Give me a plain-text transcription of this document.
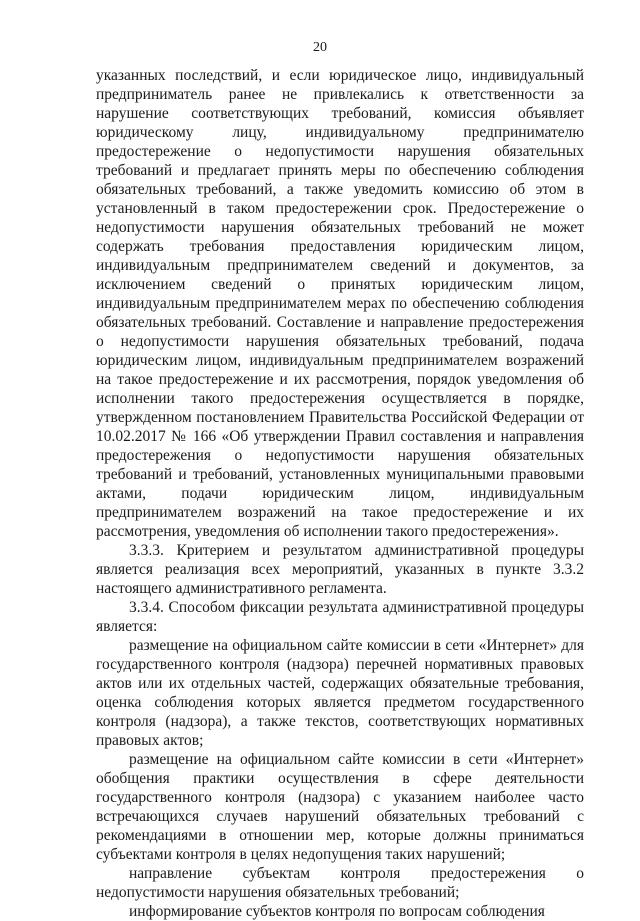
20

указанных последствий, и если юридическое лицо, индивидуальный предприниматель ранее не привлекались к ответственности за нарушение соответствующих требований, комиссия объявляет юридическому лицу, индивидуальному предпринимателю предостережение о недопустимости нарушения обязательных требований и предлагает принять меры по обеспечению соблюдения обязательных требований, а также уведомить комиссию об этом в установленный в таком предостережении срок. Предостережение о недопустимости нарушения обязательных требований не может содержать требования предоставления юридическим лицом, индивидуальным предпринимателем сведений и документов, за исключением сведений о принятых юридическим лицом, индивидуальным предпринимателем мерах по обеспечению соблюдения обязательных требований. Составление и направление предостережения о недопустимости нарушения обязательных требований, подача юридическим лицом, индивидуальным предпринимателем возражений на такое предостережение и их рассмотрения, порядок уведомления об исполнении такого предостережения осуществляется в порядке, утвержденном постановлением Правительства Российской Федерации от 10.02.2017 № 166 «Об утверждении Правил составления и направления предостережения о недопустимости нарушения обязательных требований и требований, установленных муниципальными правовыми актами, подачи юридическим лицом, индивидуальным предпринимателем возражений на такое предостережение и их рассмотрения, уведомления об исполнении такого предостережения».

3.3.3. Критерием и результатом административной процедуры является реализация всех мероприятий, указанных в пункте 3.3.2 настоящего административного регламента.

3.3.4. Способом фиксации результата административной процедуры является:

размещение на официальном сайте комиссии в сети «Интернет» для государственного контроля (надзора) перечней нормативных правовых актов или их отдельных частей, содержащих обязательные требования, оценка соблюдения которых является предметом государственного контроля (надзора), а также текстов, соответствующих нормативных правовых актов;

размещение на официальном сайте комиссии в сети «Интернет» обобщения практики осуществления в сфере деятельности государственного контроля (надзора) с указанием наиболее часто встречающихся случаев нарушений обязательных требований с рекомендациями в отношении мер, которые должны приниматься субъектами контроля в целях недопущения таких нарушений;

направление субъектам контроля предостережения о недопустимости нарушения обязательных требований;

информирование субъектов контроля по вопросам соблюдения
